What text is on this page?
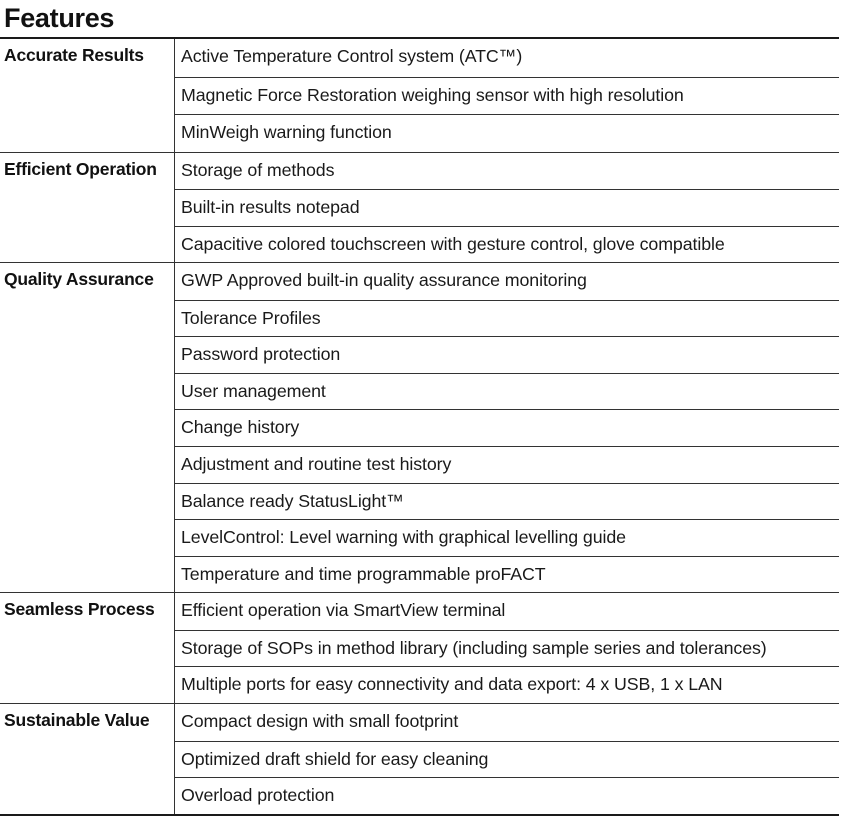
Features
Accurate Results	Active Temperature Control system (ATC™)
Magnetic Force Restoration weighing sensor with high resolution
MinWeigh warning function
Efficient Operation	Storage of methods
Built-in results notepad
Capacitive colored touchscreen with gesture control, glove compatible
Quality Assurance	GWP Approved built-in quality assurance monitoring
Tolerance Profiles
Password protection
User management
Change history
Adjustment and routine test history
Balance ready StatusLight™
LevelControl: Level warning with graphical levelling guide
Temperature and time programmable proFACT
Seamless Process	Efficient operation via SmartView terminal
Storage of SOPs in method library (including sample series and tolerances)
Multiple ports for easy connectivity and data export: 4 x USB, 1 x LAN
Sustainable Value	Compact design with small footprint
Optimized draft shield for easy cleaning
Overload protection
